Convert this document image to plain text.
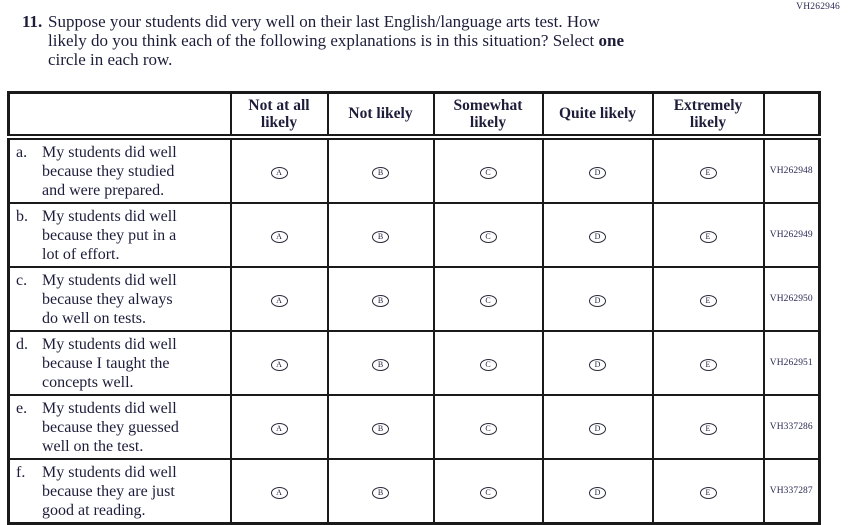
VH262946
11. Suppose your students did very well on their last English/language arts test. How
likely do you think each of the following explanations is in this situation? Select one
circle in each row.
	Not at all likely	Not likely	Somewhat likely	Quite likely	Extremely likely	

a. My students did well
because they studied
and were prepared.	A	B	C	D	E	VH262948

b. My students did well
because they put in a
lot of effort.	A	B	C	D	E	VH262949

c. My students did well
because they always
do well on tests.	A	B	C	D	E	VH262950

d. My students did well
because I taught the
concepts well.	A	B	C	D	E	VH262951

e. My students did well
because they guessed
well on the test.	A	B	C	D	E	VH337286

f. My students did well
because they are just
good at reading.	A	B	C	D	E	VH337287
